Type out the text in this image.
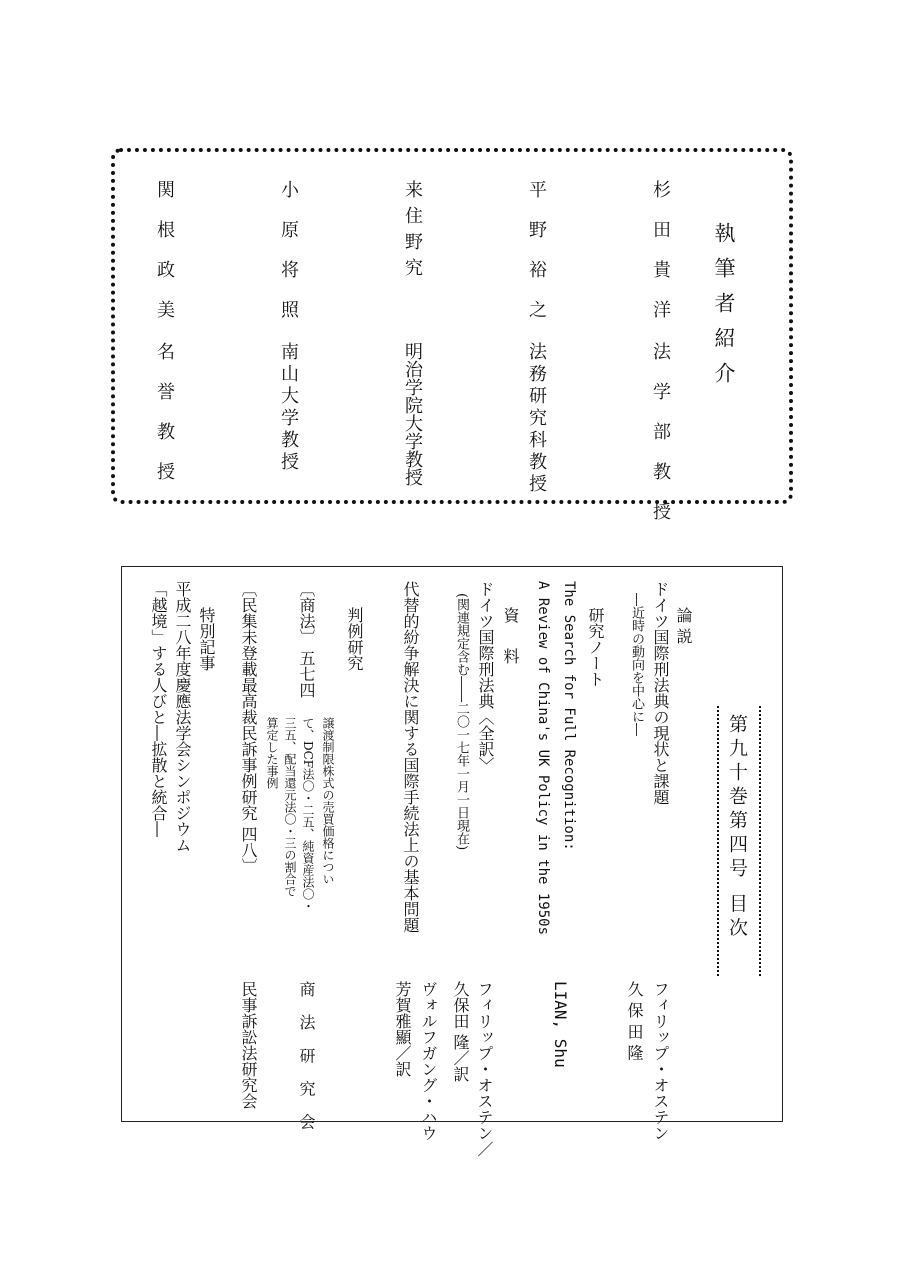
執筆者紹介
杉田貴洋
法学部教授
平野裕之
法務研究科教授
来住野究
明治学院大学教授
小原将照
南山大学教授
関根政美
名誉教授
第九十巻第四号 目次
論 説
ドイツ国際刑法典の現状と課題
―近時の動向を中心に―
フィリップ・オステン
久 保 田 隆
研究ノート
The Search for Full Recognition:
A Review of China's UK Policy in the 1950s
LIAN, Shu
資 料
ドイツ国際刑法典〈全訳〉
(関連規定含む――二〇一七年一月一日現在)
フィリップ・オステン／
久保田 隆／訳
代替的紛争解決に関する国際手続法上の基本問題
ヴォルフガング・ハウ
芳賀雅顯／訳
判例研究
〔商法〕 五七四
譲渡制限株式の売買価格につい
て、DCF法〇・二五、純資産法〇・
三五、配当還元法〇・三の割合で
算定した事例
商 法 研 究 会
〔民集未登載最高裁民訴事例研究 四八〕
民事訴訟法研究会
特別記事
平成二八年度慶應法学会シンポジウム
「越境」する人びと―拡散と統合―
